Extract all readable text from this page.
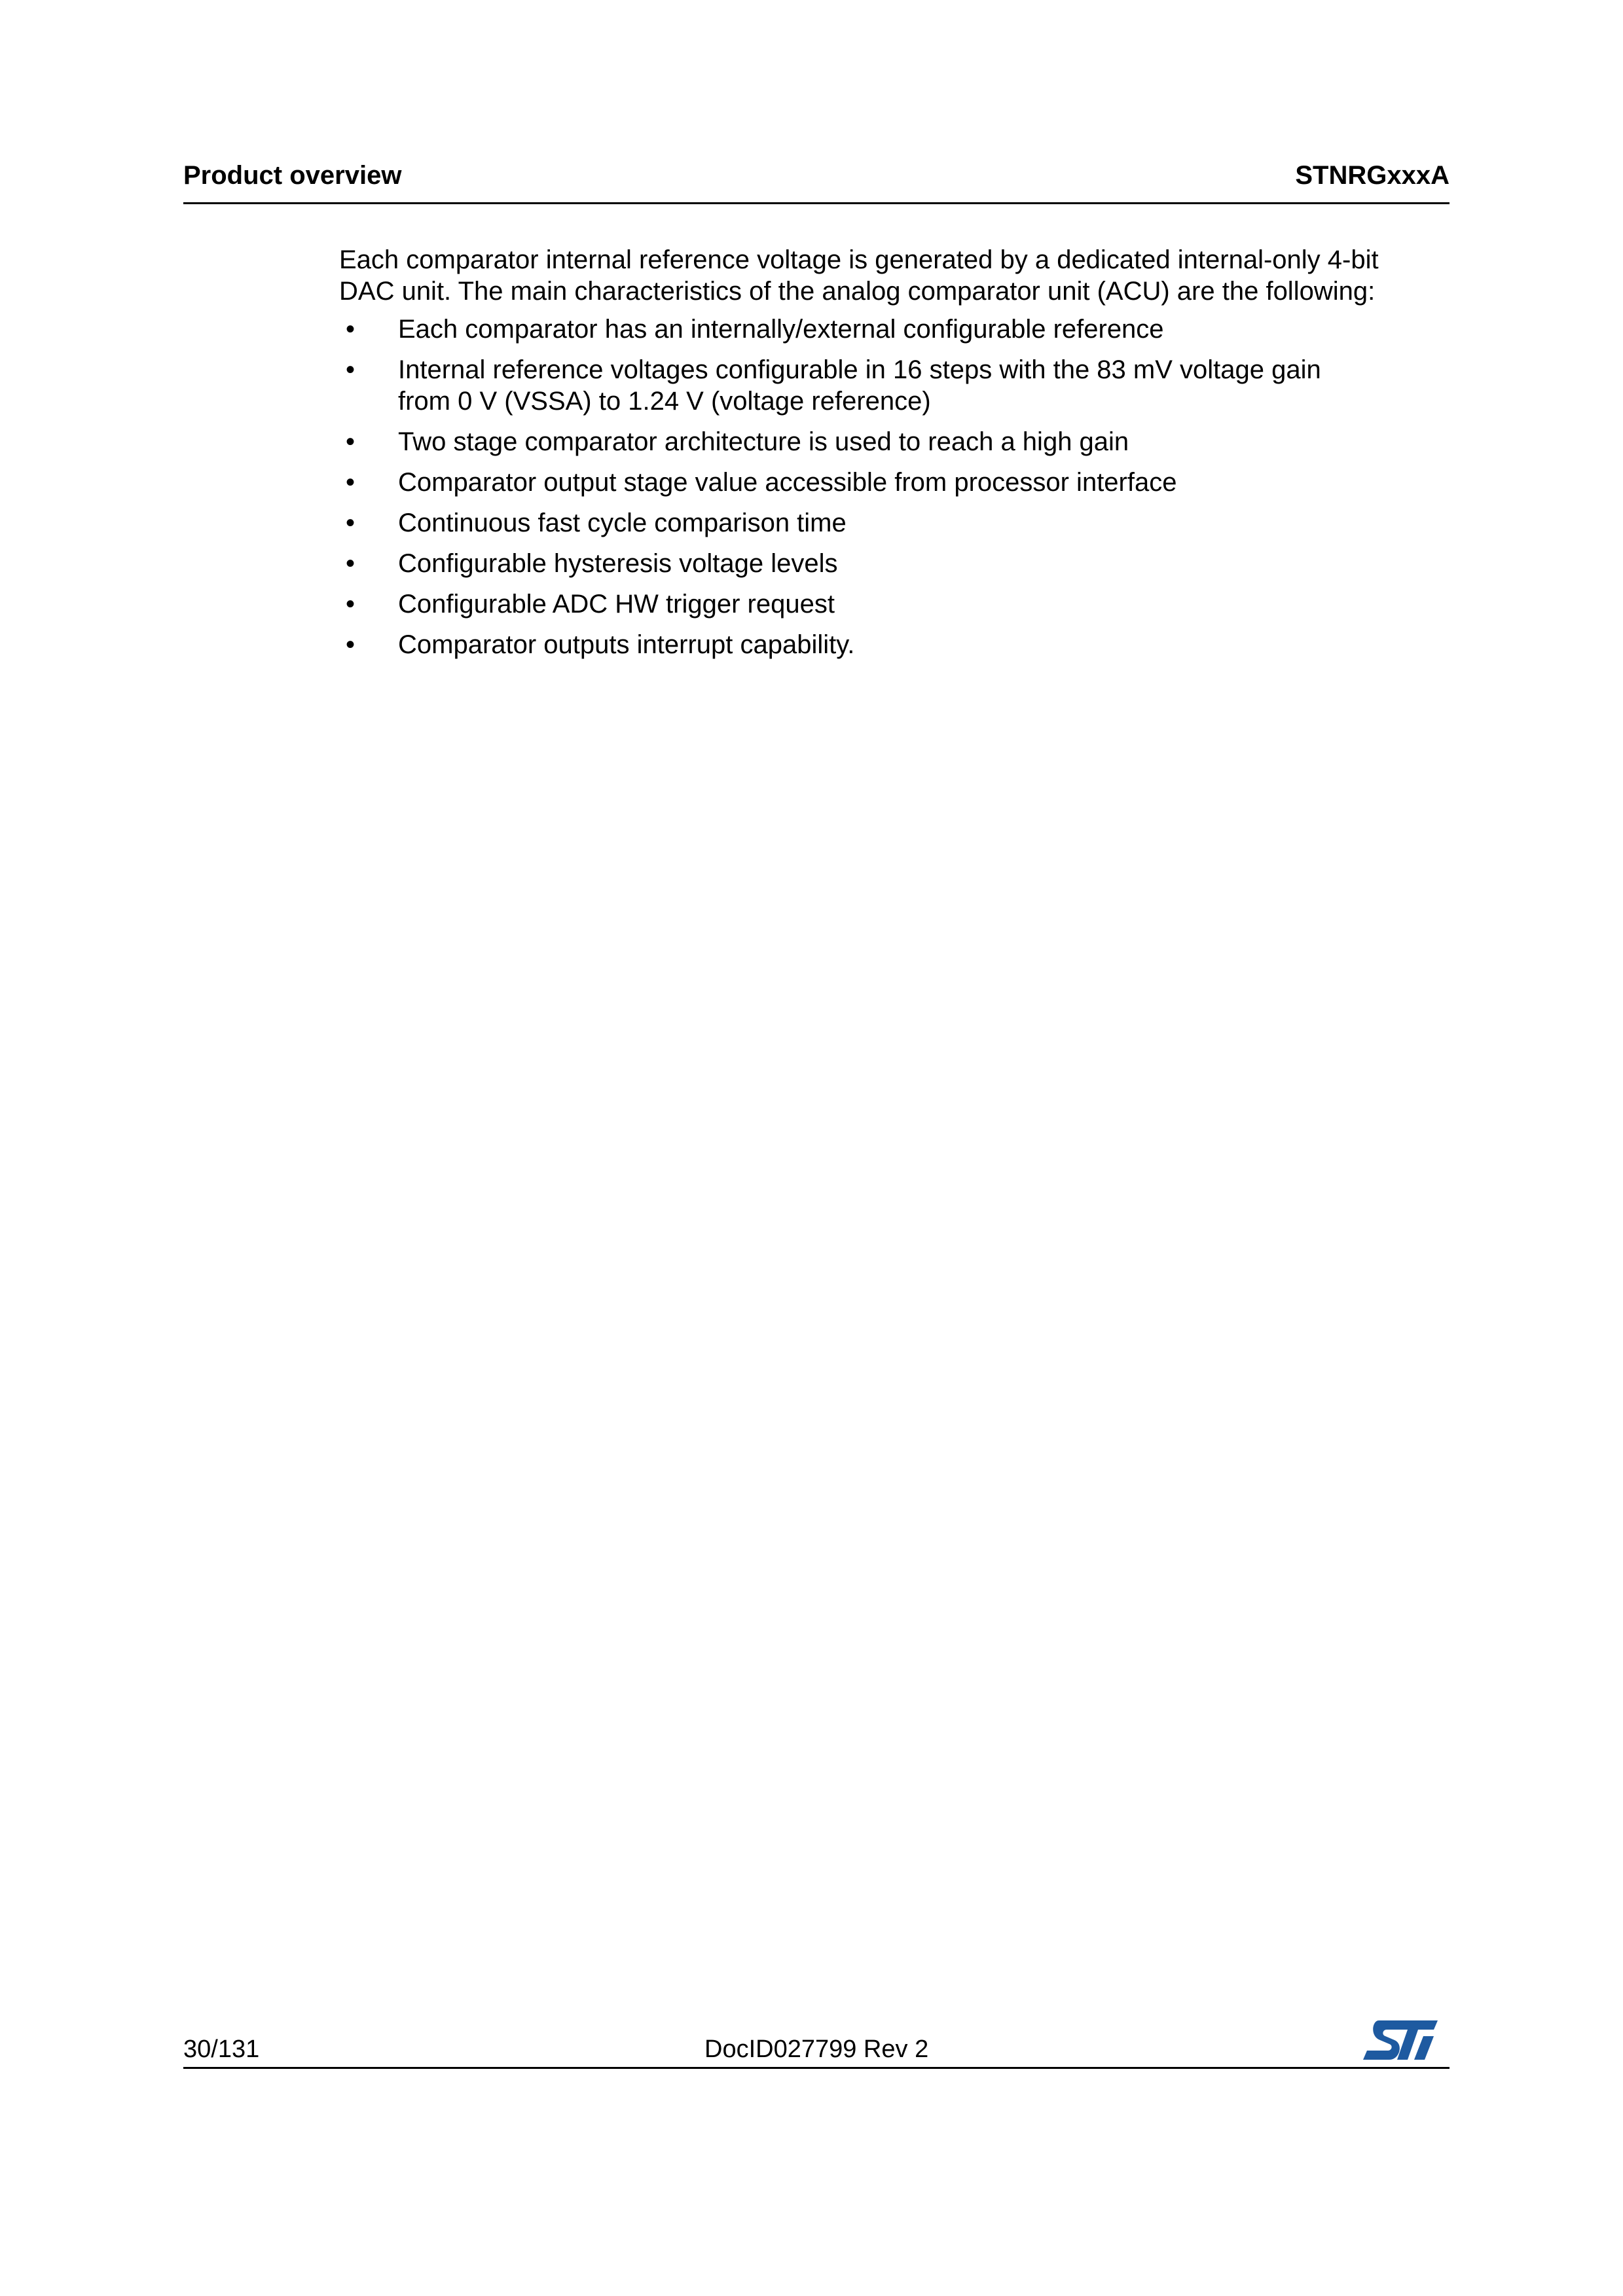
Product overview	STNRGxxxA

Each comparator internal reference voltage is generated by a dedicated internal-only 4-bit

DAC unit. The main characteristics of the analog comparator unit (ACU) are the following:

• Each comparator has an internally/external configurable reference
• Internal reference voltages configurable in 16 steps with the 83 mV voltage gain
from 0 V (VSSA) to 1.24 V (voltage reference)
• Two stage comparator architecture is used to reach a high gain
• Comparator output stage value accessible from processor interface
• Continuous fast cycle comparison time
• Configurable hysteresis voltage levels
• Configurable ADC HW trigger request
• Comparator outputs interrupt capability.
30/131	DocID027799 Rev 2
